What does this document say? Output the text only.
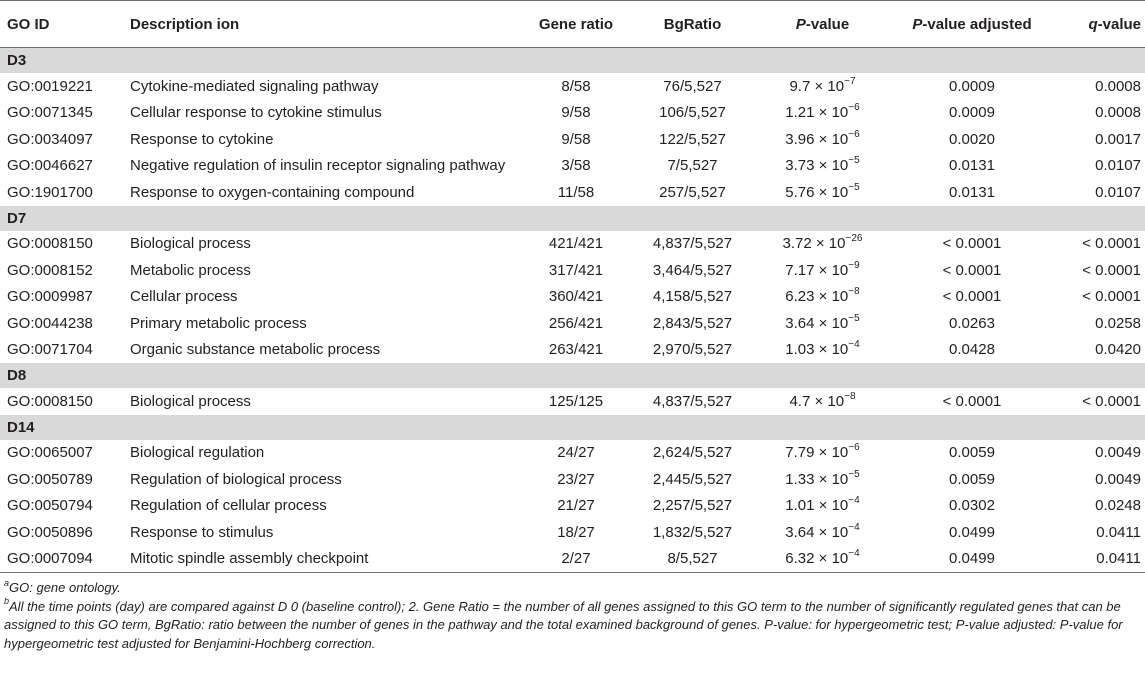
GO ID	Description ion	Gene ratio	BgRatio	P-value	P-value adjusted	q-value
D3						
GO:0019221	Cytokine-mediated signaling pathway	8/58	76/5,527	$9.7 \times 10^{-7}$	0.0009	0.0008
GO:0071345	Cellular response to cytokine stimulus	9/58	106/5,527	$1.21 \times 10^{-6}$	0.0009	0.0008
GO:0034097	Response to cytokine	9/58	122/5,527	$3.96 \times 10^{-6}$	0.0020	0.0017
GO:0046627	Negative regulation of insulin receptor signaling pathway	3/58	7/5,527	$3.73 \times 10^{-5}$	0.0131	0.0107
GO:1901700	Response to oxygen-containing compound	11/58	257/5,527	$5.76 \times 10^{-5}$	0.0131	0.0107
D7						
GO:0008150	Biological process	421/421	4,837/5,527	$3.72 \times 10^{-26}$	< 0.0001	< 0.0001
GO:0008152	Metabolic process	317/421	3,464/5,527	$7.17 \times 10^{-9}$	< 0.0001	< 0.0001
GO:0009987	Cellular process	360/421	4,158/5,527	$6.23 \times 10^{-8}$	< 0.0001	< 0.0001
GO:0044238	Primary metabolic process	256/421	2,843/5,527	$3.64 \times 10^{-5}$	0.0263	0.0258
GO:0071704	Organic substance metabolic process	263/421	2,970/5,527	$1.03 \times 10^{-4}$	0.0428	0.0420
D8						
GO:0008150	Biological process	125/125	4,837/5,527	$4.7 \times 10^{-8}$	< 0.0001	< 0.0001
D14						
GO:0065007	Biological regulation	24/27	2,624/5,527	$7.79 \times 10^{-6}$	0.0059	0.0049
GO:0050789	Regulation of biological process	23/27	2,445/5,527	$1.33 \times 10^{-5}$	0.0059	0.0049
GO:0050794	Regulation of cellular process	21/27	2,257/5,527	$1.01 \times 10^{-4}$	0.0302	0.0248
GO:0050896	Response to stimulus	18/27	1,832/5,527	$3.64 \times 10^{-4}$	0.0499	0.0411
GO:0007094	Mitotic spindle assembly checkpoint	2/27	8/5,527	$6.32 \times 10^{-4}$	0.0499	0.0411

$^a$GO: gene ontology.

$^b$All the time points (day) are compared against D 0 (baseline control); 2. Gene Ratio = the number of all genes assigned to this GO term to the number of significantly regulated genes that can be assigned to this GO term, BgRatio: ratio between the number of genes in the pathway and the total examined background of genes. P-value: for hypergeometric test; P-value adjusted: P-value for hypergeometric test adjusted for Benjamini-Hochberg correction.
